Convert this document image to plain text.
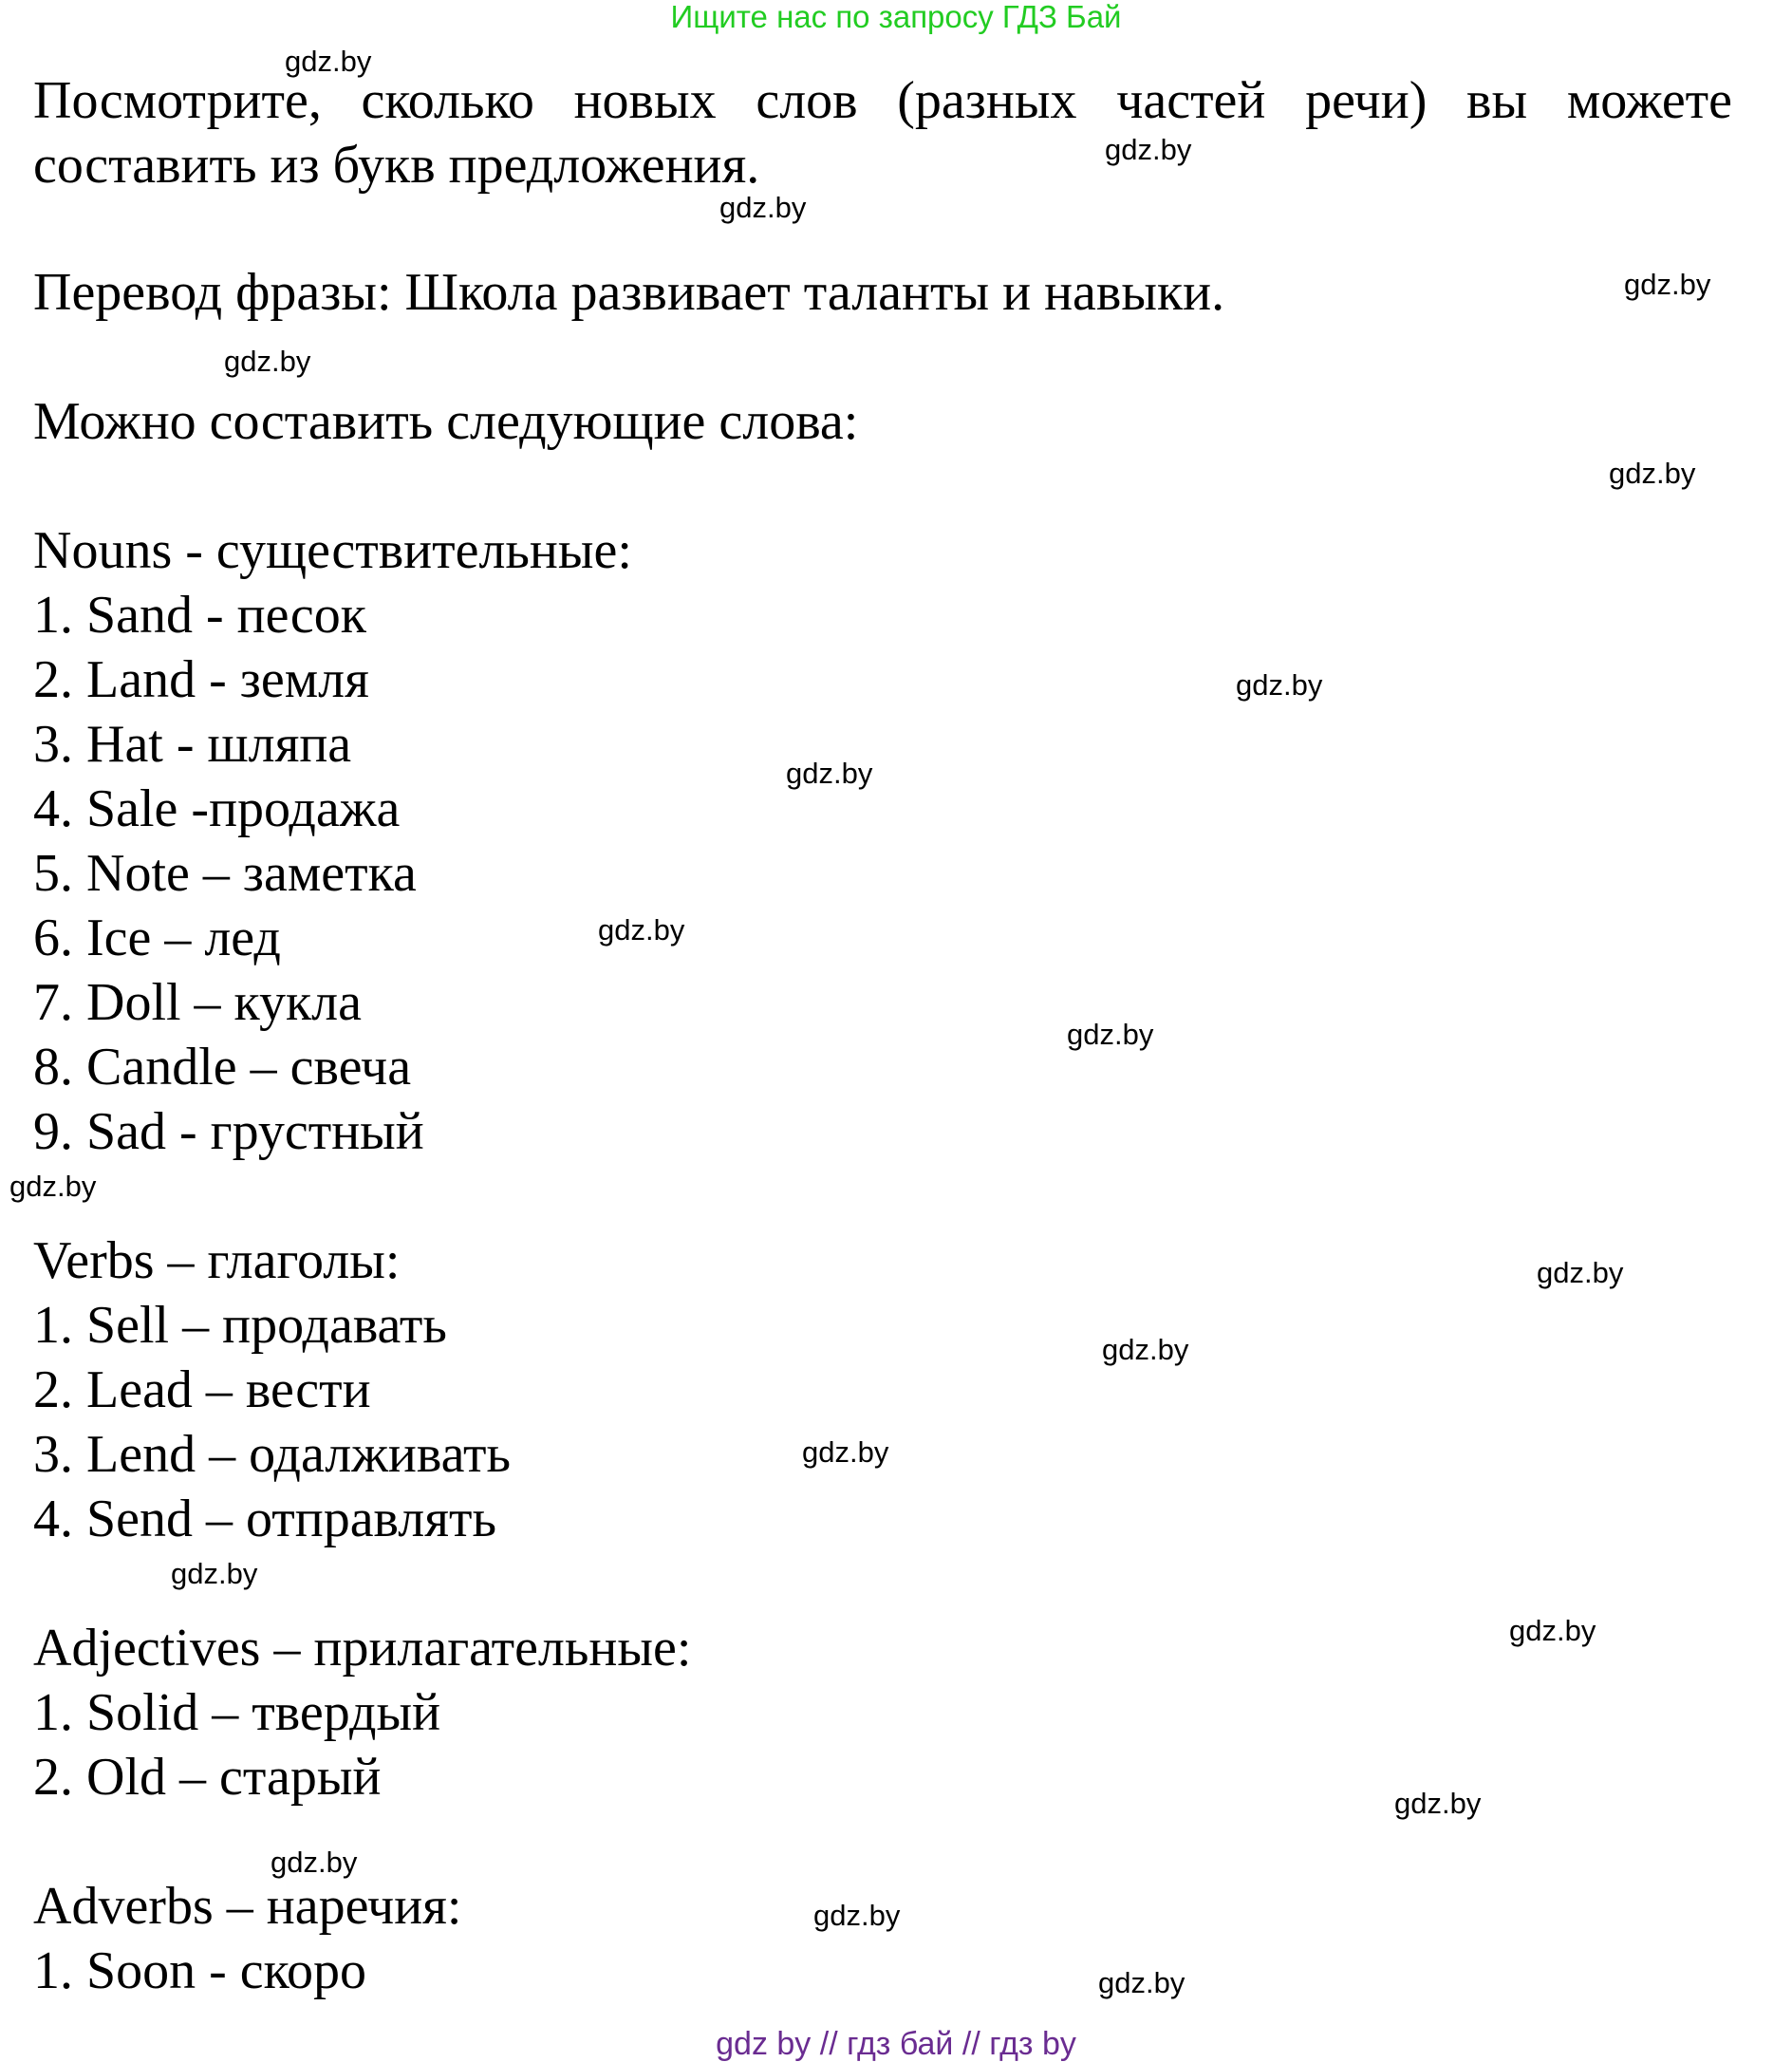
Ищите нас по запросу ГДЗ Бай

Посмотрите, сколько новых слов (разных частей речи) вы можете составить из букв предложения.

Перевод фразы: Школа развивает таланты и навыки.

Можно составить следующие слова:

Nouns - существительные:

1. Sand - песок

2. Land - земля

3. Hat - шляпа

4. Sale -продажа

5. Note – заметка

6. Ice – лед

7. Doll – кукла

8. Candle – свеча

9. Sad - грустный

Verbs – глаголы:

1. Sell – продавать

2. Lead – вести

3. Lend – одалживать

4. Send – отправлять

Adjectives – прилагательные:

1. Solid – твердый

2. Old – старый

Adverbs – наречия:

1. Soon - скоро

gdz.by
gdz.by
gdz.by
gdz.by
gdz.by
gdz.by
gdz.by
gdz.by
gdz.by
gdz.by
gdz.by
gdz.by
gdz.by
gdz.by
gdz.by
gdz.by
gdz.by
gdz.by
gdz.by
gdz.by
gdz by // гдз бай // гдз by
